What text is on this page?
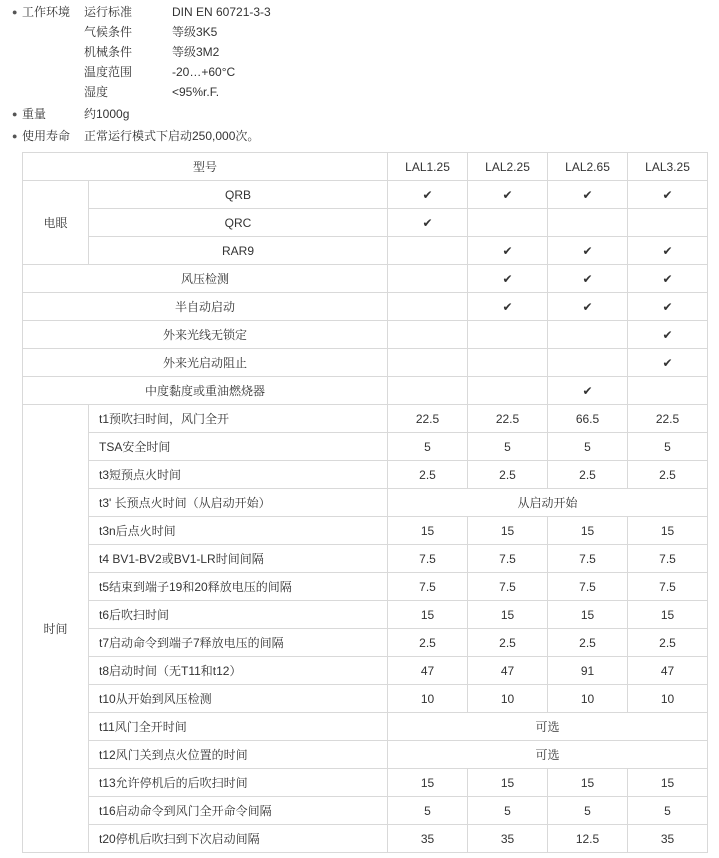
● 工作环境	运行标准	DIN EN 60721-3-3
气候条件	等级3K5
机械条件	等级3M2
温度范围	-20…+60°C
湿度	<95%r.F.
● 重量	约1000g
● 使用寿命	正常运行模式下启动250,000次。
型号		LAL1.25	LAL2.25	LAL2.65	LAL3.25
电眼	QRB	✔	✔	✔	✔
	QRC	✔			
	RAR9		✔	✔	✔
风压检测			✔	✔	✔
半自动启动			✔	✔	✔
外来光线无锁定					✔
外来光启动阻止					✔
中度黏度或重油燃烧器				✔	
时间	t1预吹扫时间，风门全开	22.5	22.5	66.5	22.5
	TSA安全时间	5	5	5	5
	t3短预点火时间	2.5	2.5	2.5	2.5
	t3' 长预点火时间（从启动开始）	从启动开始			
	t3n后点火时间	15	15	15	15
	t4 BV1-BV2或BV1-LR时间间隔	7.5	7.5	7.5	7.5
	t5结束到端子19和20释放电压的间隔	7.5	7.5	7.5	7.5
	t6后吹扫时间	15	15	15	15
	t7启动命令到端子7释放电压的间隔	2.5	2.5	2.5	2.5
	t8启动时间（无T11和t12）	47	47	91	47
	t10从开始到风压检测	10	10	10	10
	t11风门全开时间	可选			
	t12风门关到点火位置的时间	可选			
	t13允许停机后的后吹扫时间	15	15	15	15
	t16启动命令到风门全开命令间隔	5	5	5	5
	t20停机后吹扫到下次启动间隔	35	35	12.5	35
